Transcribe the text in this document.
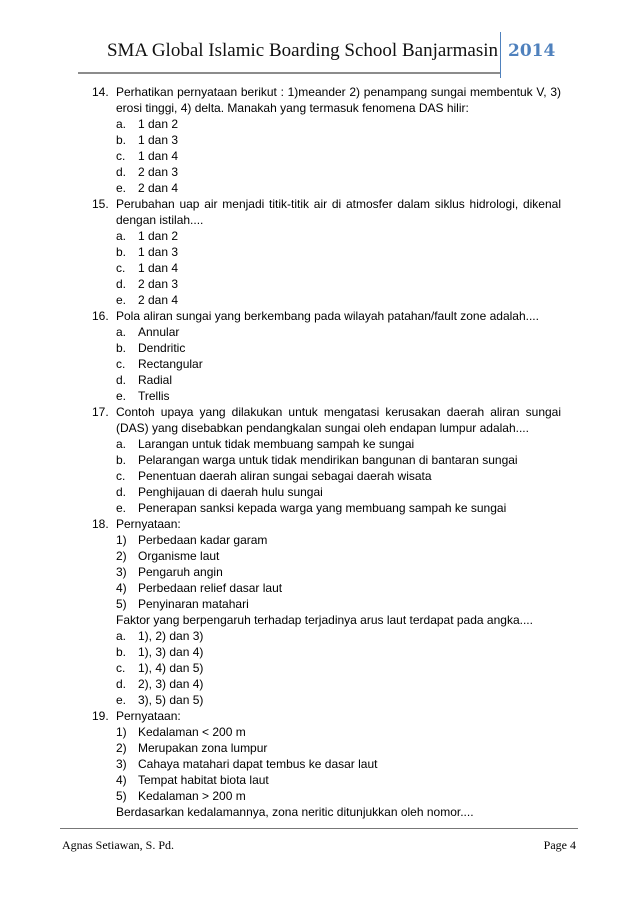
SMA Global Islamic Boarding School Banjarmasin 2014
14. Perhatikan pernyataan berikut : 1)meander 2) penampang sungai membentuk V, 3) erosi tinggi, 4) delta. Manakah yang termasuk fenomena DAS hilir:
a. 1 dan 2
b. 1 dan 3
c.	1 dan 4
d. 2 dan 3
e. 2 dan 4
15. Perubahan uap air menjadi titik-titik air di atmosfer dalam siklus hidrologi, dikenal dengan istilah....
a. 1 dan 2
b. 1 dan 3
c.	1 dan 4
d. 2 dan 3
e. 2 dan 4
16. Pola aliran sungai yang berkembang pada wilayah patahan/fault zone adalah....
a. Annular
b. Dendritic
c.	Rectangular
d. Radial
e. Trellis
17. Contoh upaya yang dilakukan untuk mengatasi kerusakan daerah aliran sungai (DAS) yang disebabkan pendangkalan sungai oleh endapan lumpur adalah....
a. Larangan untuk tidak membuang sampah ke sungai
b. Pelarangan warga untuk tidak mendirikan bangunan di bantaran sungai
c.	Penentuan daerah aliran sungai sebagai daerah wisata
d. Penghijauan di daerah hulu sungai
e. Penerapan sanksi kepada warga yang membuang sampah ke sungai
18. Pernyataan:
1) Perbedaan kadar garam
2) Organisme laut
3) Pengaruh angin
4) Perbedaan relief dasar laut
5) Penyinaran matahari
Faktor yang berpengaruh terhadap terjadinya arus laut terdapat pada angka....
a. 1), 2) dan 3)
b. 1), 3) dan 4)
c.	1), 4) dan 5)
d. 2), 3) dan 4)
e. 3), 5) dan 5)
19. Pernyataan:
1) Kedalaman < 200 m
2) Merupakan zona lumpur
3) Cahaya matahari dapat tembus ke dasar laut
4) Tempat habitat biota laut
5) Kedalaman > 200 m
Berdasarkan kedalamannya, zona neritic ditunjukkan oleh nomor....
Agnas Setiawan, S. Pd.	Page 4
